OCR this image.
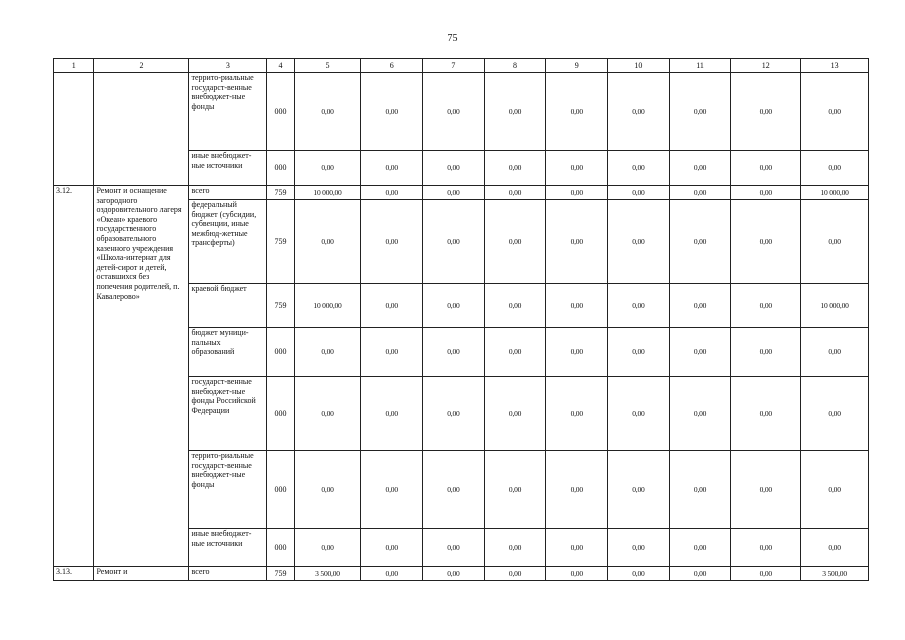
75
1	2	3	4	5	6	7	8	9	10	11	12	13
		террито-риальные государст-венные внебюджет-ные фонды	000	0,00	0,00	0,00	0,00	0,00	0,00	0,00	0,00	0,00
		иные внебюджет-ные источники	000	0,00	0,00	0,00	0,00	0,00	0,00	0,00	0,00	0,00
3.12.	Ремонт и оснащение загородного оздоровительного лагеря «Океан» краевого государственного образовательного казенного учреждения «Школа-интернат для детей-сирот и детей, оставшихся без попечения родителей, п. Кавалерово»	всего	759	10 000,00	0,00	0,00	0,00	0,00	0,00	0,00	0,00	10 000,00
		федеральный бюджет (субсидии, субвенции, иные межбюд-жетные трансферты)	759	0,00	0,00	0,00	0,00	0,00	0,00	0,00	0,00	0,00
		краевой бюджет	759	10 000,00	0,00	0,00	0,00	0,00	0,00	0,00	0,00	10 000,00
		бюджет муници-пальных образований	000	0,00	0,00	0,00	0,00	0,00	0,00	0,00	0,00	0,00
		государст-венные внебюджет-ные фонды Российской Федерации	000	0,00	0,00	0,00	0,00	0,00	0,00	0,00	0,00	0,00
		террито-риальные государст-венные внебюджет-ные фонды	000	0,00	0,00	0,00	0,00	0,00	0,00	0,00	0,00	0,00
		иные внебюджет-ные источники	000	0,00	0,00	0,00	0,00	0,00	0,00	0,00	0,00	0,00
3.13.	Ремонт и	всего	759	3 500,00	0,00	0,00	0,00	0,00	0,00	0,00	0,00	3 500,00
